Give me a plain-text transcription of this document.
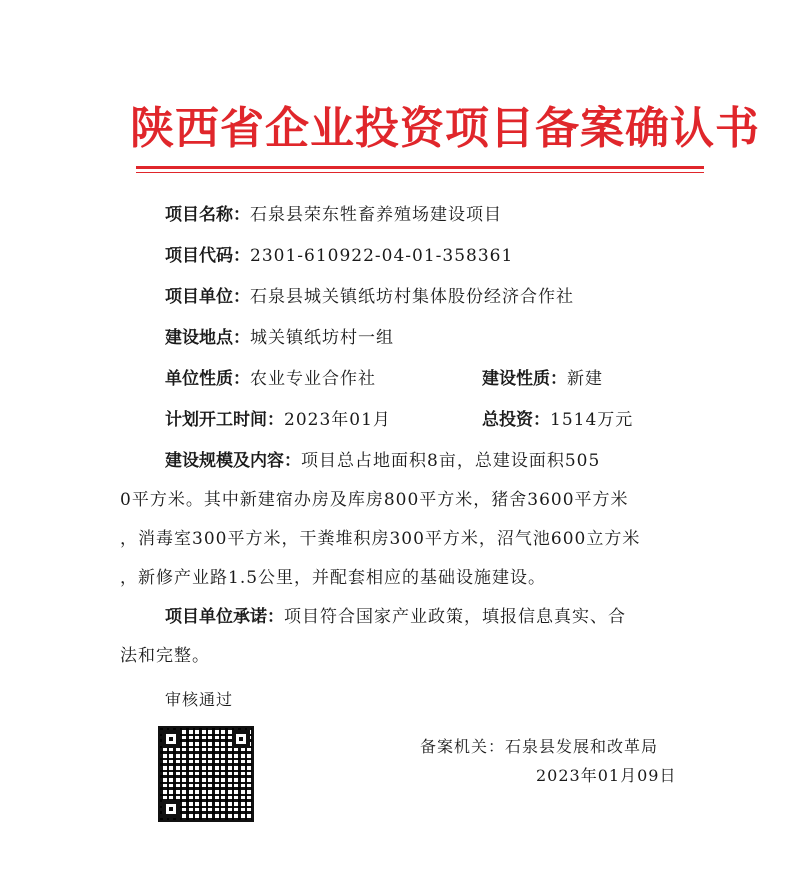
陕西省企业投资项目备案确认书
项目名称：石泉县荣东牲畜养殖场建设项目
项目代码：2301-610922-04-01-358361
项目单位：石泉县城关镇纸坊村集体股份经济合作社
建设地点：城关镇纸坊村一组
单位性质：农业专业合作社	建设性质：新建
计划开工时间：2023年01月	总投资：1514万元
建设规模及内容：项目总占地面积8亩，总建设面积505
0平方米。其中新建宿办房及库房800平方米，猪舍3600平方米
，消毒室300平方米，干粪堆积房300平方米，沼气池600立方米
，新修产业路1.5公里，并配套相应的基础设施建设。
项目单位承诺：项目符合国家产业政策，填报信息真实、合
法和完整。
审核通过
备案机关：石泉县发展和改革局
2023年01月09日
